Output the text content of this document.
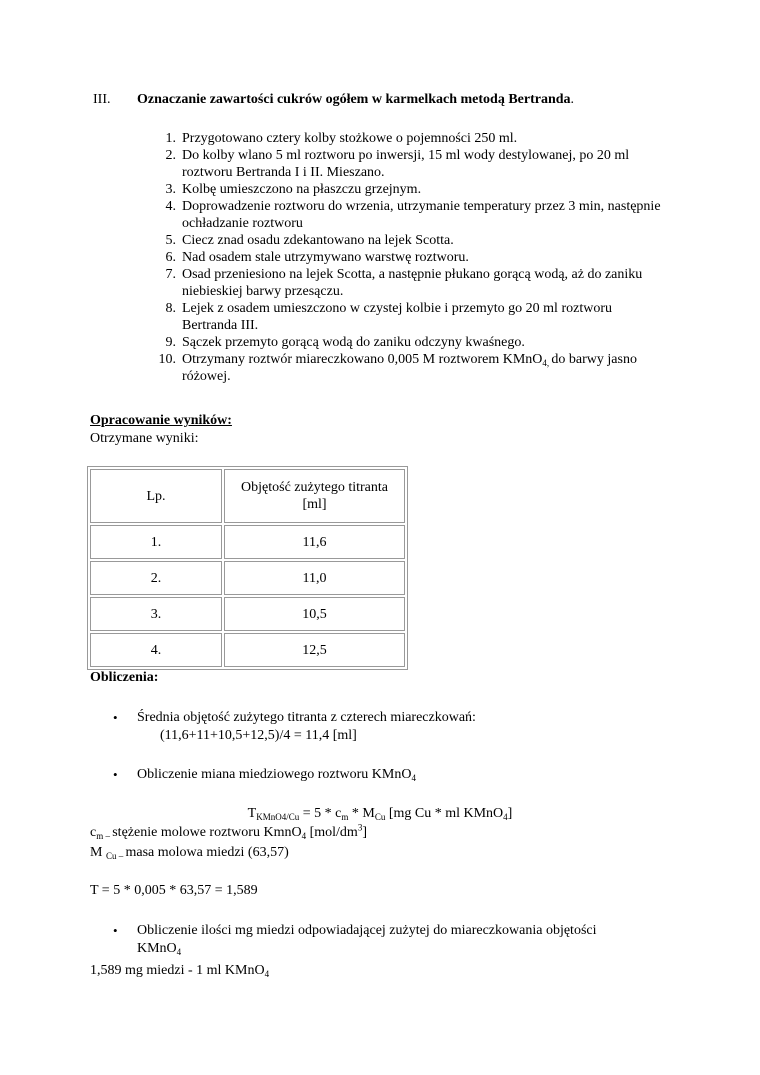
III. Oznaczanie zawartości cukrów ogółem w karmelkach metodą Bertranda.
1. Przygotowano cztery kolby stożkowe o pojemności 250 ml.
2. Do kolby wlano 5 ml roztworu po inwersji, 15 ml wody destylowanej, po 20 ml roztworu Bertranda I i II. Mieszano.
3. Kolbę umieszczono na płaszczu grzejnym.
4. Doprowadzenie roztworu do wrzenia, utrzymanie temperatury przez 3 min, następnie ochładzanie roztworu
5. Ciecz znad osadu zdekantowano na lejek Scotta.
6. Nad osadem stale utrzymywano warstwę roztworu.
7. Osad przeniesiono na lejek Scotta, a następnie płukano gorącą wodą, aż do zaniku niebieskiej barwy przesączu.
8. Lejek z osadem umieszczono w czystej kolbie i przemyto go 20 ml roztworu Bertranda III.
9. Sączek przemyto gorącą wodą do zaniku odczyny kwaśnego.
10. Otrzymany roztwór miareczkowano 0,005 M roztworem KMnO$_{4,}$ do barwy jasno różowej.
Opracowanie wyników:
Otrzymane wyniki:
Lp.	Objętość zużytego titranta [ml]

1.	11,6
2.	11,0
3.	10,5
4.	12,5
Obliczenia:
• Średnia objętość zużytego titranta z czterech miareczkowań:
(11,6+11+10,5+12,5)/4 = 11,4 [ml]
• Obliczenie miana miedziowego roztworu KMnO$_4$
$T_{KMnO4/Cu} = 5 * c_m * M_{Cu}$ [mg Cu * ml KMnO$_4$]
$c_{m -}$ stężenie molowe roztworu KmnO$_4$ $[mol/dm^3]$
M $_{Cu -}$ masa molowa miedzi (63,57)
T = 5 * 0,005 * 63,57 = 1,589
• Obliczenie ilości mg miedzi odpowiadającej zużytej do miareczkowania objętości
KMnO$_4$
1,589 mg miedzi - 1 ml KMnO$_4$
